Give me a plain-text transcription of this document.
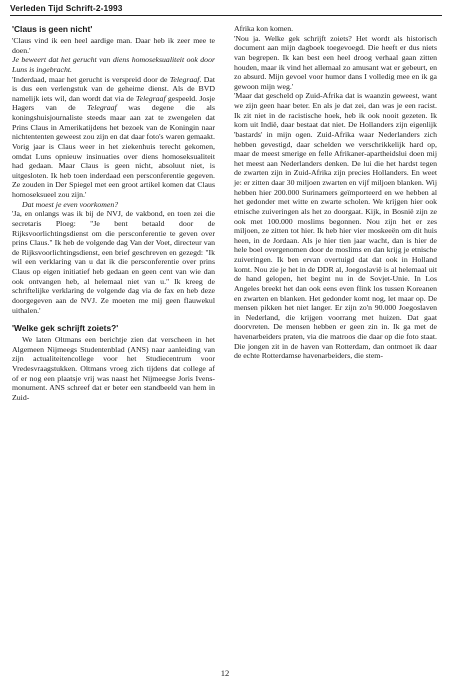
Verleden Tijd Schrift-2-1993
'Claus is geen nicht'

'Claus vind ik een heel aardige man. Daar heb ik zeer mee te doen.'

Je beweert dat het gerucht van diens homoseksualiteit ook door Luns is ingebracht.

'Inderdaad, maar het gerucht is verspreid door de Telegraaf. Dat is dus een verlengstuk van de geheime dienst. Als de BVD namelijk iets wil, dan wordt dat via de Telegraaf gespeeld. Josje Hagers van de Telegraaf was degene die als koningshuisjournaliste steeds maar aan zat te zwengelen dat Prins Claus in Amerikatijdens het bezoek van de Koningin naar nichtententen geweest zou zijn en dat daar foto's waren gemaakt. Vorig jaar is Claus weer in het ziekenhuis terecht gekomen, omdat Luns opnieuw insinuaties over diens homoseksualiteit had gedaan. Maar Claus is geen nicht, absoluut niet, is uitgesloten. Ik heb toen inderdaad een persconferentie gegeven. Ze zouden in Der Spiegel met een groot artikel komen dat Claus homoseksueel zou zijn.'

Dat moest je even voorkomen?

'Ja, en onlangs was ik bij de NVJ, de vakbond, en toen zei die secretaris Ploeg: "Je bent betaald door de Rijksvoorlichtingsdienst om die persconferentie te geven over prins Claus." Ik heb de volgende dag Van der Voet, directeur van de Rijksvoorlichtingsdienst, een brief geschreven en gezegd: "Ik wil een verklaring van u dat ik die persconferentie over prins Claus op eigen initiatief heb gedaan en geen cent van wie dan ook ontvangen heb, al helemaal niet van u." Ik kreeg de schriftelijke verklaring de volgende dag via de fax en heb deze doorgegeven aan de NVJ. Ze moeten me mij geen flauwekul uithalen.'

'Welke gek schrijft zoiets?'

We laten Oltmans een berichtje zien dat verscheen in het Algemeen Nijmeegs Studentenblad (ANS) naar aanleiding van zijn actualiteitencollege voor het Studiecentrum voor Vredesvraagstukken. Oltmans vroeg zich tijdens dat college af of er nog een plaatsje vrij was naast het Nijmeegse Joris Ivens-monument. ANS schreef dat er beter een standbeeld van hem in Zuid-

Afrika kon komen.

'Nou ja. Welke gek schrijft zoiets? Het wordt als historisch document aan mijn dagboek toegevoegd. Die heeft er dus niets van begrepen. Ik kan best een heel droog verhaal gaan zitten houden, maar ik vind het allemaal zo amusant wat er gebeurt, en zo absurd. Mijn gevoel voor humor dans I volledig mee en ik ga gewoon mijn weg.'

'Maar dat gescheld op Zuid-Afrika dat is waanzin geweest, want we zijn geen haar beter. En als je dat zei, dan was je een racist. Ik zit niet in de racistische hoek, heb ik ook nooit gezeten. Ik kom uit Indië, daar bestaat dat niet. De Hollanders zijn eigenlijk 'bastards' in mijn ogen. Zuid-Afrika waar Nederlanders zich hebben gevestigd, daar schelden we verschrikkelijk hard op, maar de meest smerige en felle Afrikaner-apartheidslui doen mij het meest aan Nederlanders denken. De lui die het hardst tegen de zwarten zijn in Zuid-Afrika zijn precies Hollanders. En weet je: er zitten daar 30 miljoen zwarten en vijf miljoen blanken. Wij hebben hier 200.000 Surinamers geïmporteerd en we hebben al het gedonder met witte en zwarte scholen. We krijgen hier ook etnische zuiveringen als het zo doorgaat. Kijk, in Bosnië zijn ze ook met 100.000 moslims begonnen. Nou zijn het er zes miljoen, ze zitten tot hier. Ik heb hier vier moskeeën om dit huis heen, in de Jordaan. Als je hier tien jaar wacht, dan is hier de hele boel overgenomen door de moslims en dan krijg je etnische zuiveringen. Ik ben ervan overtuigd dat dat ook in Holland komt. Nou zie je het in de DDR al, Joegoslavië is al helemaal uit de hand gelopen, het begint nu in de Sovjet-Unie. In Los Angeles breekt het dan ook eens even flink los tussen Koreanen en zwarten en blanken. Het gedonder komt nog, let maar op. De mensen pikken het niet langer. Er zijn zo'n 90.000 Joegoslaven in Nederland, die krijgen voorrang met huizen. Dat gaat doorvreten. De mensen hebben er geen zin in. Ik ga met de havenarbeiders praten, via die matroos die daar op die foto staat. Die jongen zit in de haven van Rotterdam, dan ontmoet ik daar de echte Rotterdamse havenarbeiders, die stem-

12
